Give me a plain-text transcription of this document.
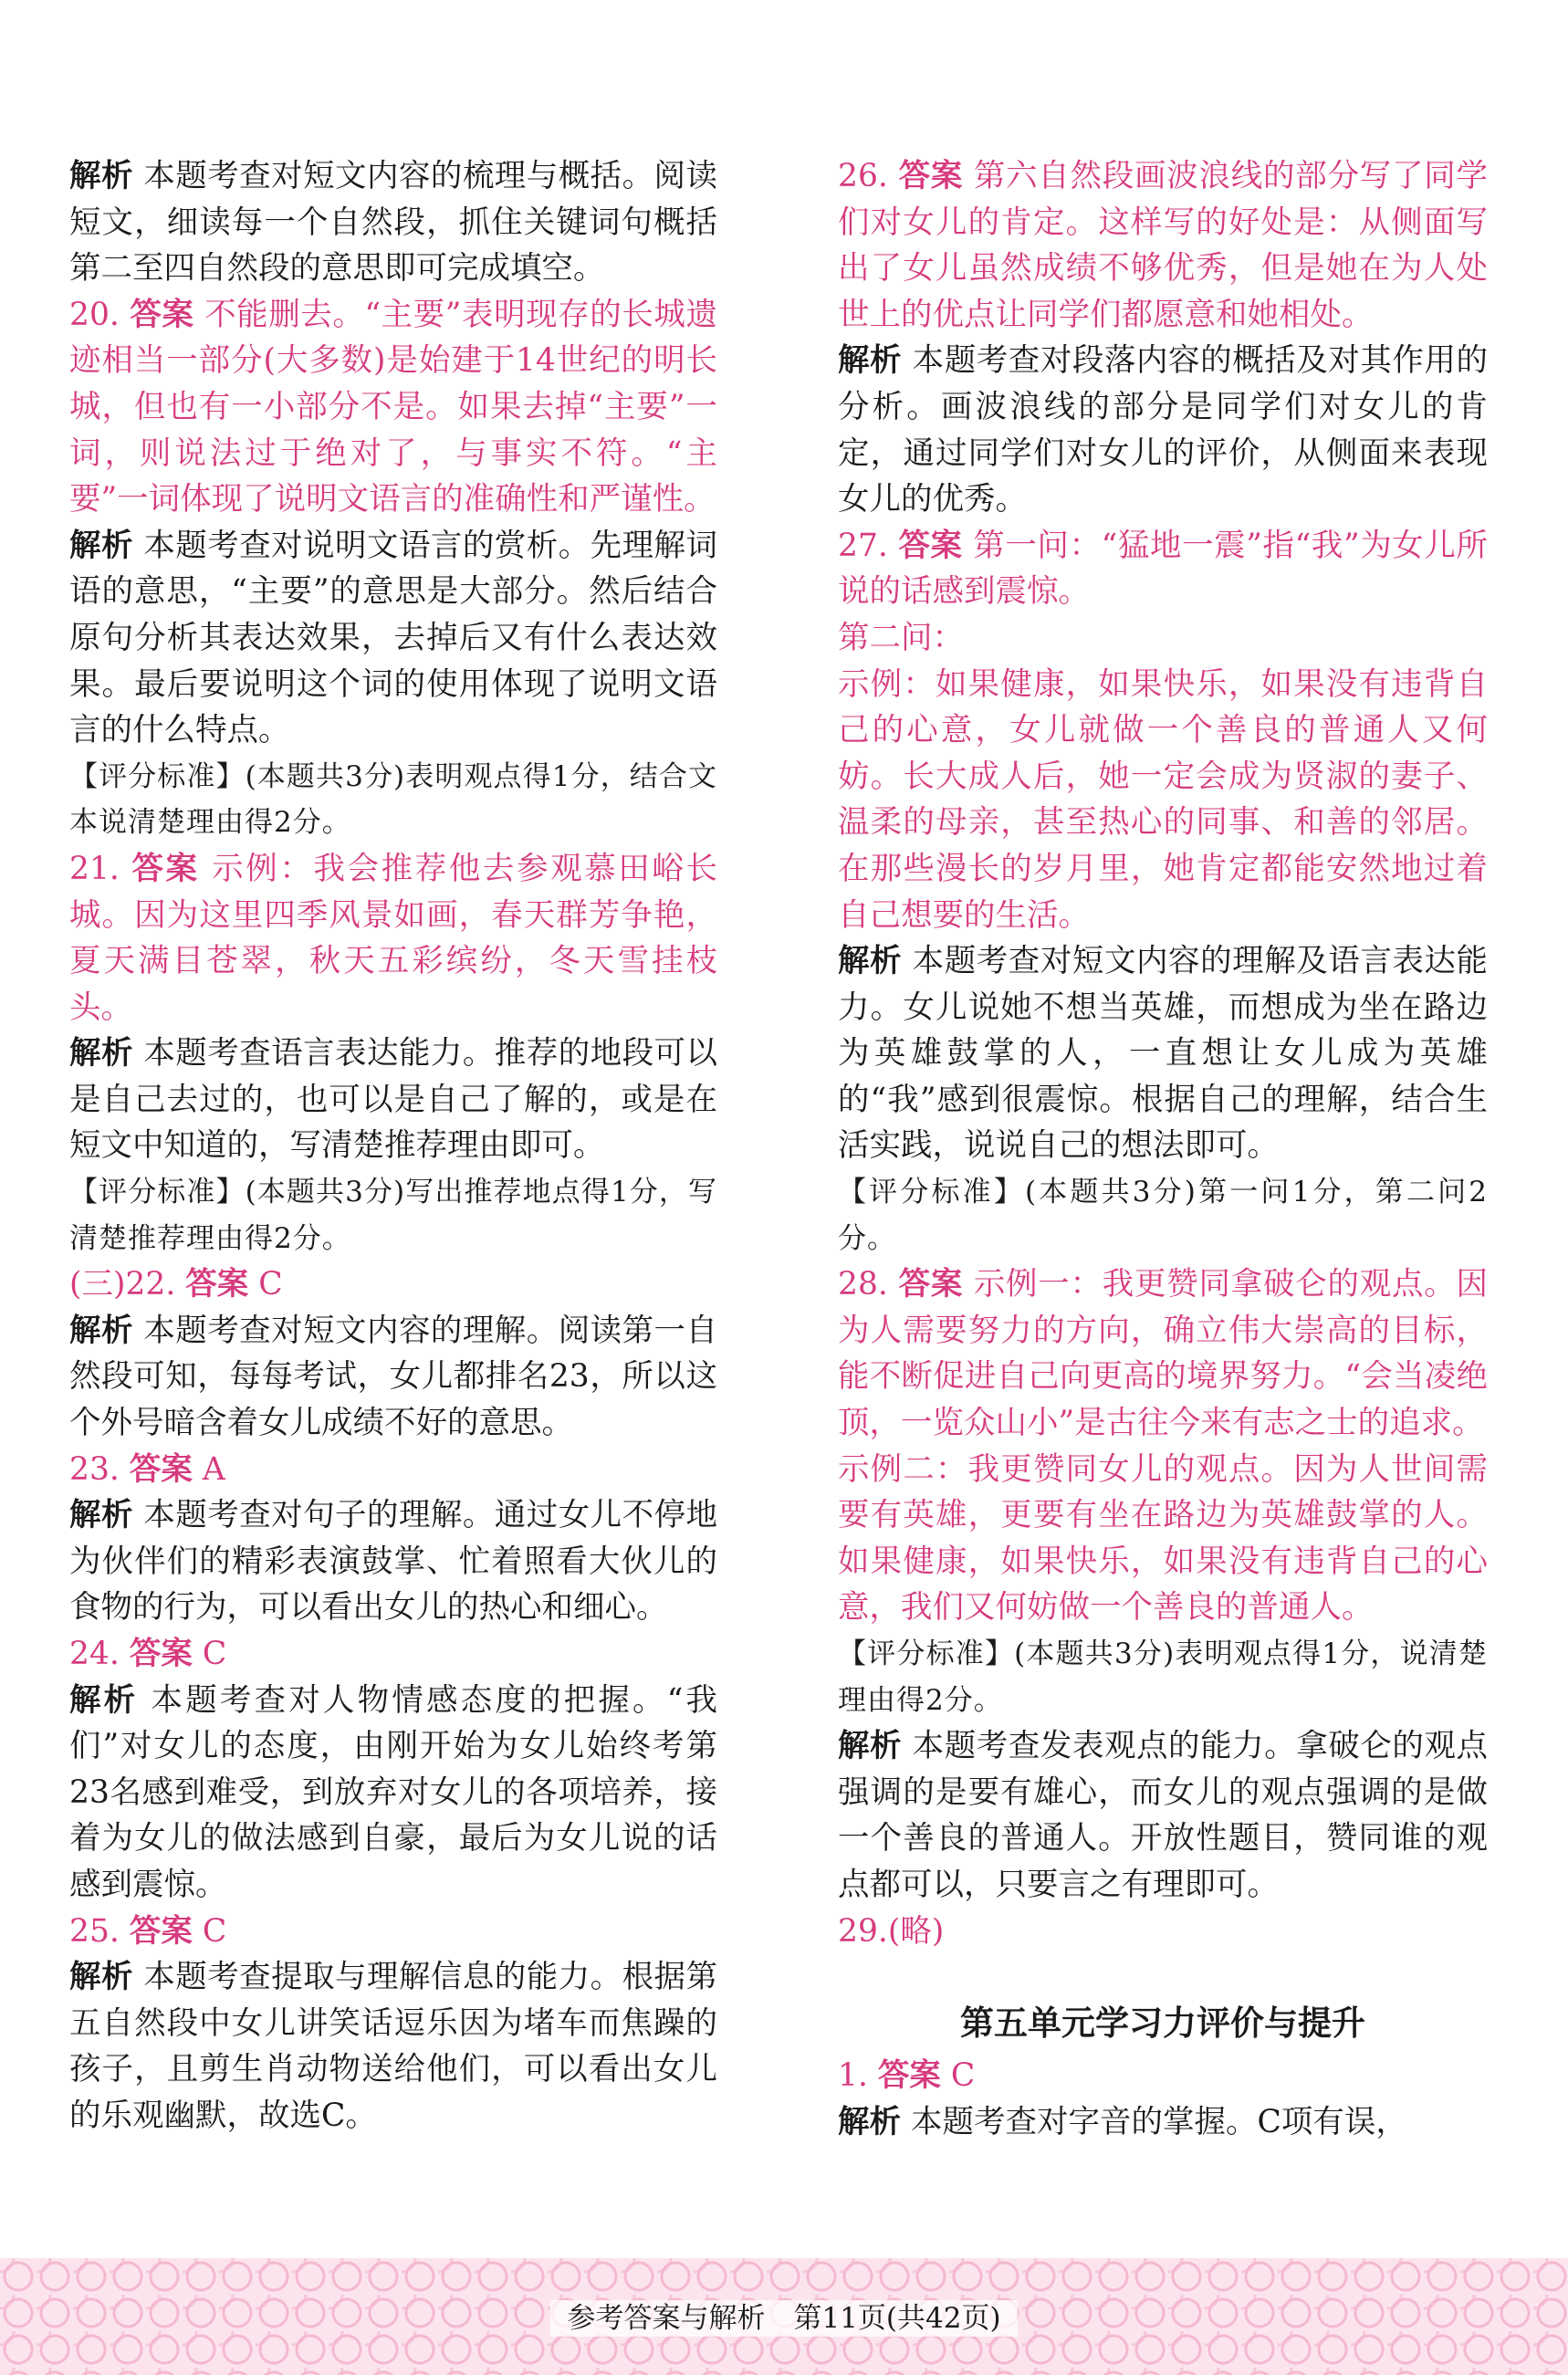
解析 本题考查对短文内容的梳理与概括。阅读短文，细读每一个自然段，抓住关键词句概括第二至四自然段的意思即可完成填空。

20. 答案 不能删去。“主要”表明现存的长城遗迹相当一部分(大多数)是始建于14世纪的明长城，但也有一小部分不是。如果去掉“主要”一词，则说法过于绝对了，与事实不符。“主要”一词体现了说明文语言的准确性和严谨性。

解析 本题考查对说明文语言的赏析。先理解词语的意思，“主要”的意思是大部分。然后结合原句分析其表达效果，去掉后又有什么表达效果。最后要说明这个词的使用体现了说明文语言的什么特点。

【评分标准】(本题共3分)表明观点得1分，结合文本说清楚理由得2分。

21. 答案 示例：我会推荐他去参观慕田峪长城。因为这里四季风景如画，春天群芳争艳，夏天满目苍翠，秋天五彩缤纷，冬天雪挂枝头。

解析 本题考查语言表达能力。推荐的地段可以是自己去过的，也可以是自己了解的，或是在短文中知道的，写清楚推荐理由即可。

【评分标准】(本题共3分)写出推荐地点得1分，写清楚推荐理由得2分。

(三)22. 答案 C

解析 本题考查对短文内容的理解。阅读第一自然段可知，每每考试，女儿都排名23，所以这个外号暗含着女儿成绩不好的意思。

23. 答案 A

解析 本题考查对句子的理解。通过女儿不停地为伙伴们的精彩表演鼓掌、忙着照看大伙儿的食物的行为，可以看出女儿的热心和细心。

24. 答案 C

解析 本题考查对人物情感态度的把握。“我们”对女儿的态度，由刚开始为女儿始终考第23名感到难受，到放弃对女儿的各项培养，接着为女儿的做法感到自豪，最后为女儿说的话感到震惊。

25. 答案 C

解析 本题考查提取与理解信息的能力。根据第五自然段中女儿讲笑话逗乐因为堵车而焦躁的孩子，且剪生肖动物送给他们，可以看出女儿的乐观幽默，故选C。

26. 答案 第六自然段画波浪线的部分写了同学们对女儿的肯定。这样写的好处是：从侧面写出了女儿虽然成绩不够优秀，但是她在为人处世上的优点让同学们都愿意和她相处。

解析 本题考查对段落内容的概括及对其作用的分析。画波浪线的部分是同学们对女儿的肯定，通过同学们对女儿的评价，从侧面来表现女儿的优秀。

27. 答案 第一问：“猛地一震”指“我”为女儿所说的话感到震惊。

第二问：

示例：如果健康，如果快乐，如果没有违背自己的心意，女儿就做一个善良的普通人又何妨。长大成人后，她一定会成为贤淑的妻子、温柔的母亲，甚至热心的同事、和善的邻居。在那些漫长的岁月里，她肯定都能安然地过着自己想要的生活。

解析 本题考查对短文内容的理解及语言表达能力。女儿说她不想当英雄，而想成为坐在路边为英雄鼓掌的人，一直想让女儿成为英雄的“我”感到很震惊。根据自己的理解，结合生活实践，说说自己的想法即可。

【评分标准】(本题共3分)第一问1分，第二问2分。

28. 答案 示例一：我更赞同拿破仑的观点。因为人需要努力的方向，确立伟大崇高的目标，能不断促进自己向更高的境界努力。“会当凌绝顶，一览众山小”是古往今来有志之士的追求。

示例二：我更赞同女儿的观点。因为人世间需要有英雄，更要有坐在路边为英雄鼓掌的人。如果健康，如果快乐，如果没有违背自己的心意，我们又何妨做一个善良的普通人。

【评分标准】(本题共3分)表明观点得1分，说清楚理由得2分。

解析 本题考查发表观点的能力。拿破仑的观点强调的是要有雄心，而女儿的观点强调的是做一个善良的普通人。开放性题目，赞同谁的观点都可以，只要言之有理即可。

29.(略)

第五单元学习力评价与提升

1. 答案 C

解析 本题考查对字音的掌握。C项有误，

参考答案与解析　第11页(共42页)
